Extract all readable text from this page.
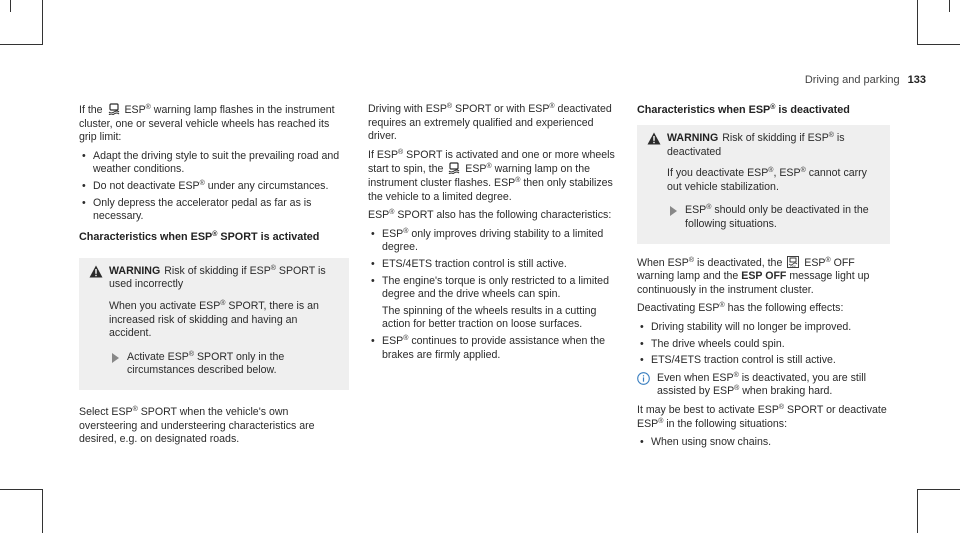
Driving and parking 133

If the ESP® warning lamp flashes in the instrument cluster, one or several vehicle wheels has reached its grip limit:

• Adapt the driving style to suit the prevailing road and weather conditions.
• Do not deactivate ESP® under any circumstances.
• Only depress the accelerator pedal as far as is necessary.
Characteristics when ESP® SPORT is activated
WARNING Risk of skidding if ESP® SPORT is used incorrectly

When you activate ESP® SPORT, there is an increased risk of skidding and having an accident.

Activate ESP® SPORT only in the circumstances described below.

Select ESP® SPORT when the vehicle's own oversteering and understeering characteristics are desired, e.g. on designated roads.

Driving with ESP® SPORT or with ESP® deactivated requires an extremely qualified and experienced driver.

If ESP® SPORT is activated and one or more wheels start to spin, the ESP® warning lamp on the instrument cluster flashes. ESP® then only stabilizes the vehicle to a limited degree.

ESP® SPORT also has the following characteristics:

• ESP® only improves driving stability to a limited degree.
• ETS/4ETS traction control is still active.
• The engine's torque is only restricted to a limited degree and the drive wheels can spin.

The spinning of the wheels results in a cutting action for better traction on loose surfaces.

• ESP® continues to provide assistance when the brakes are firmly applied.
Characteristics when ESP® is deactivated
WARNING Risk of skidding if ESP® is deactivated

If you deactivate ESP®, ESP® cannot carry out vehicle stabilization.

ESP® should only be deactivated in the following situations.

When ESP® is deactivated, the	OFF ESP® OFF warning lamp and the ESP OFF message light up continuously in the instrument cluster.

Deactivating ESP® has the following effects:

• Driving stability will no longer be improved.
• The drive wheels could spin.
• ETS/4ETS traction control is still active.
Even when ESP® is deactivated, you are still assisted by ESP® when braking hard.

It may be best to activate ESP® SPORT or deactivate ESP® in the following situations:

• When using snow chains.
